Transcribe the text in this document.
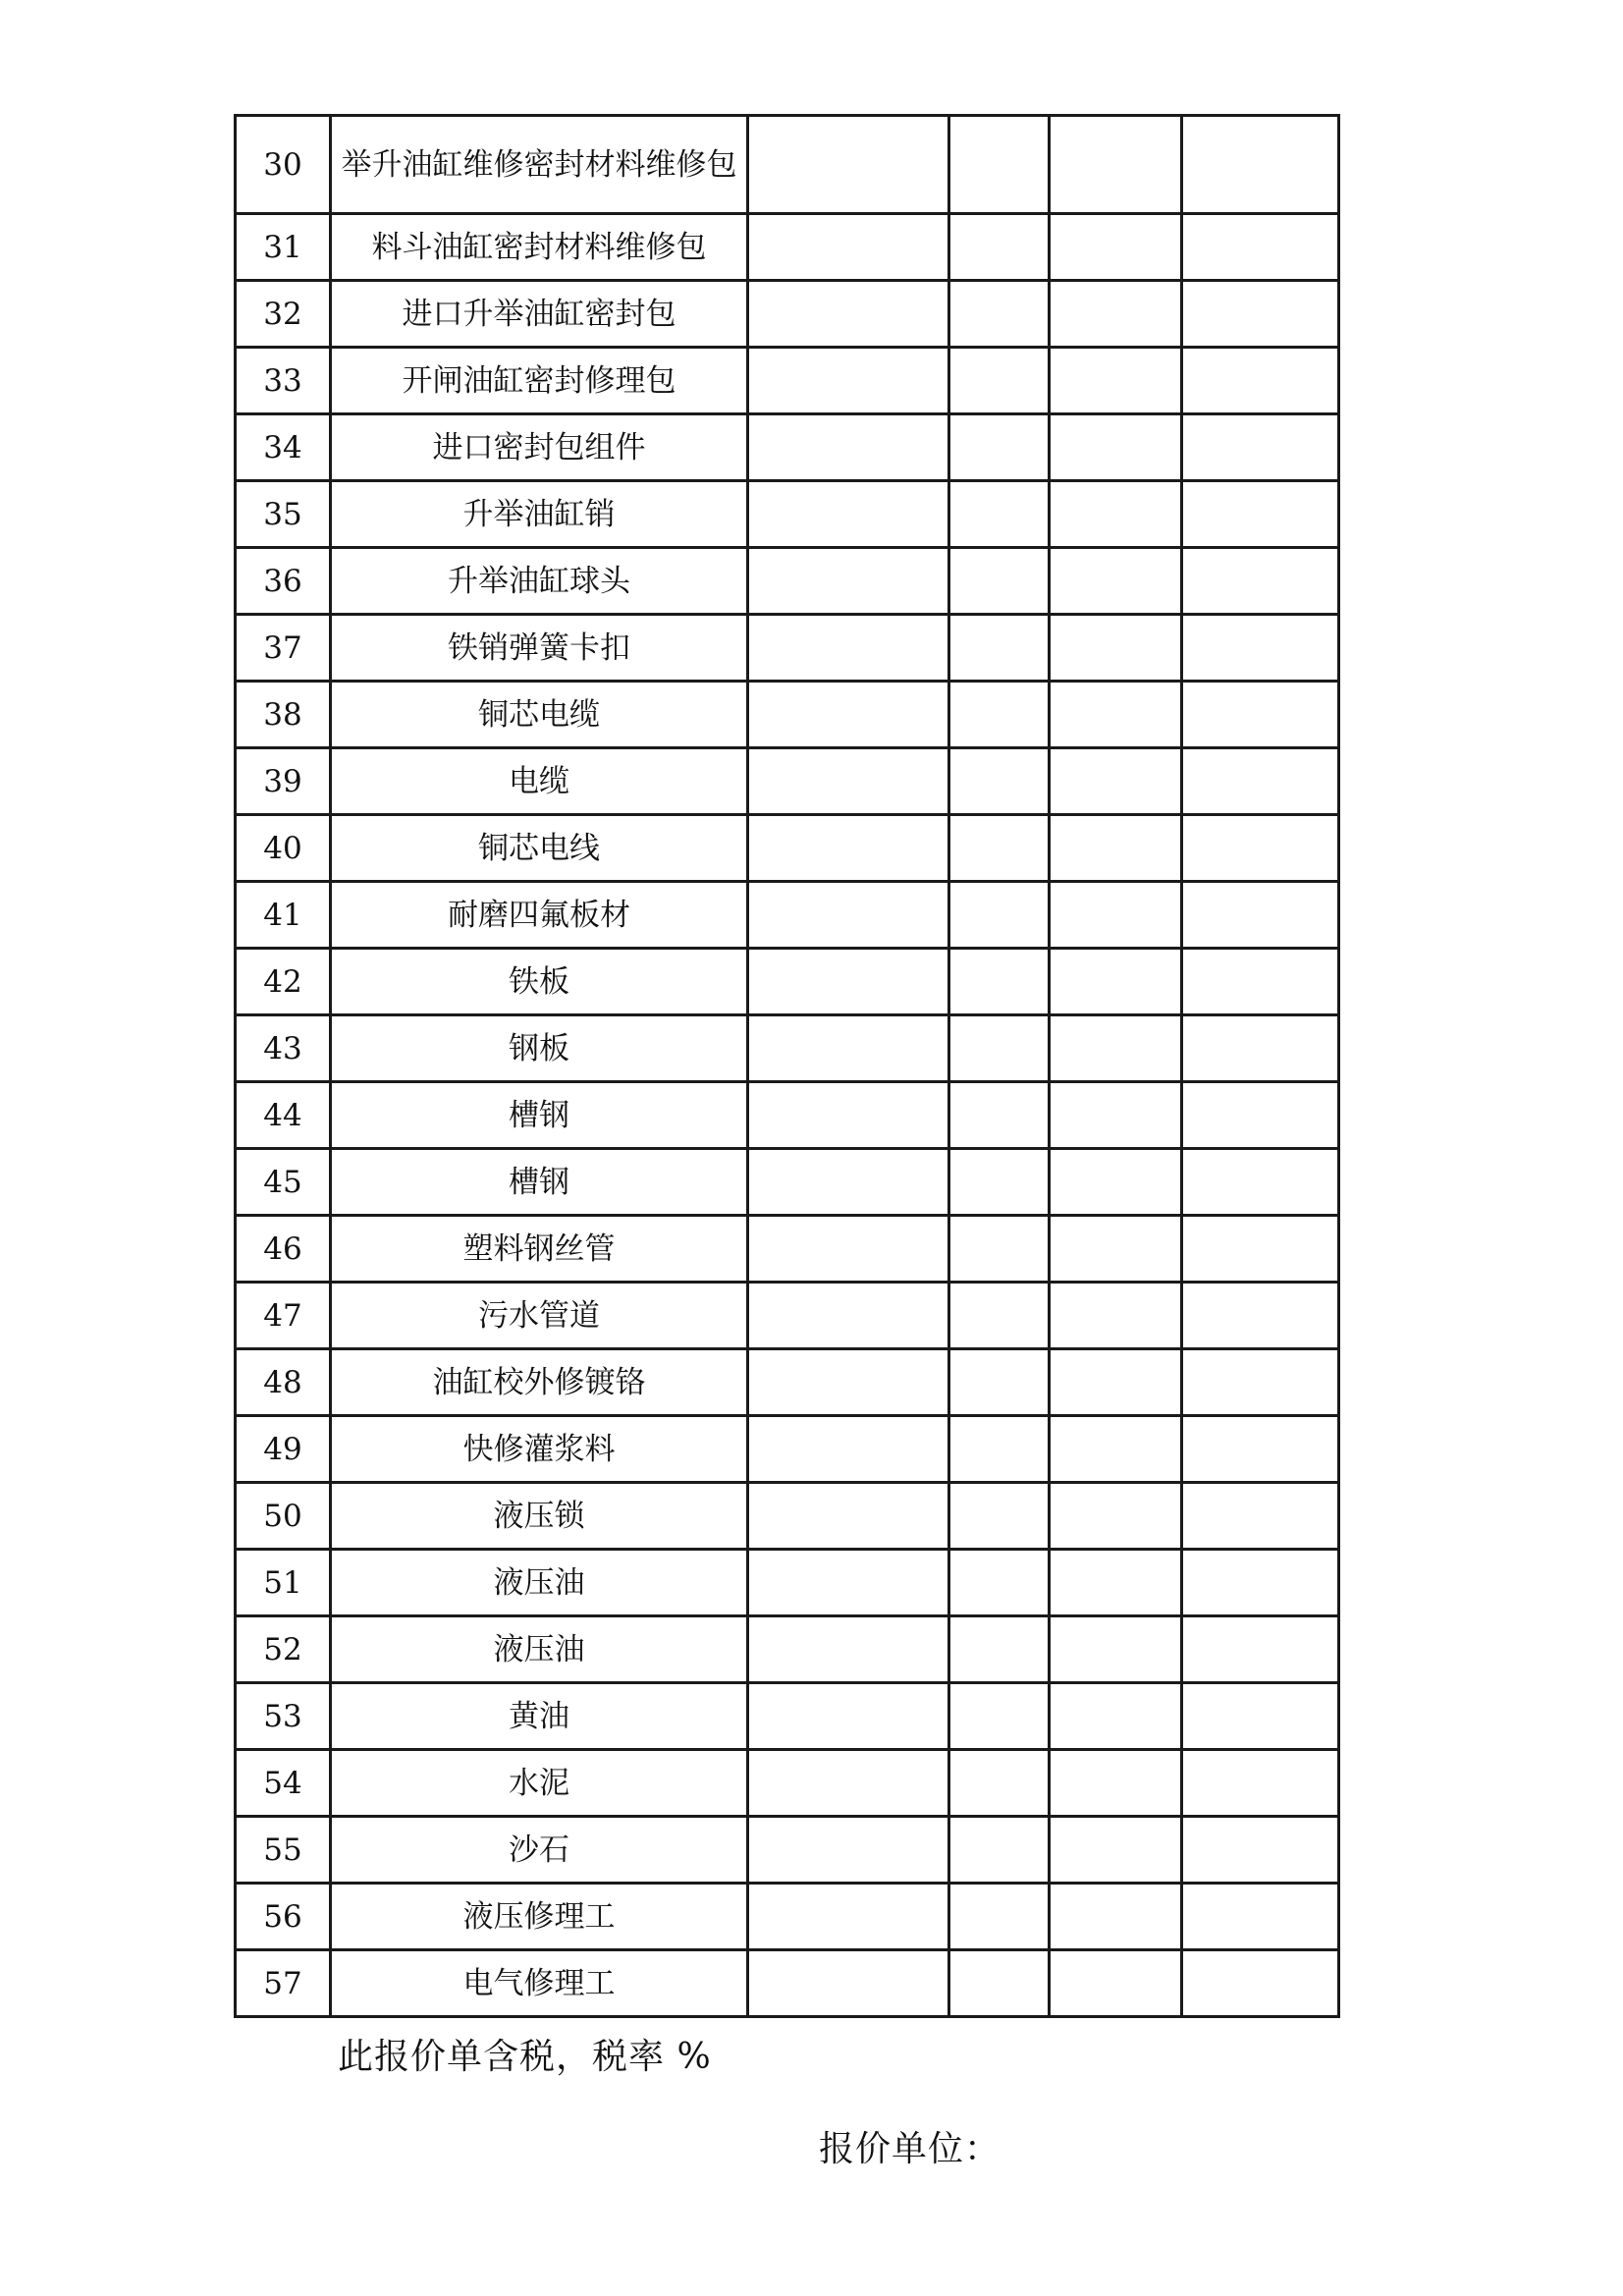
30	举升油缸维修密封材料维修包				
31	料斗油缸密封材料维修包				
32	进口升举油缸密封包				
33	开闸油缸密封修理包				
34	进口密封包组件				
35	升举油缸销				
36	升举油缸球头				
37	铁销弹簧卡扣				
38	铜芯电缆				
39	电缆				
40	铜芯电线				
41	耐磨四氟板材				
42	铁板				
43	钢板				
44	槽钢				
45	槽钢				
46	塑料钢丝管				
47	污水管道				
48	油缸校外修镀铬				
49	快修灌浆料				
50	液压锁				
51	液压油				
52	液压油				
53	黄油				
54	水泥				
55	沙石				
56	液压修理工				
57	电气修理工				
此报价单含税，税率 %
报价单位：
